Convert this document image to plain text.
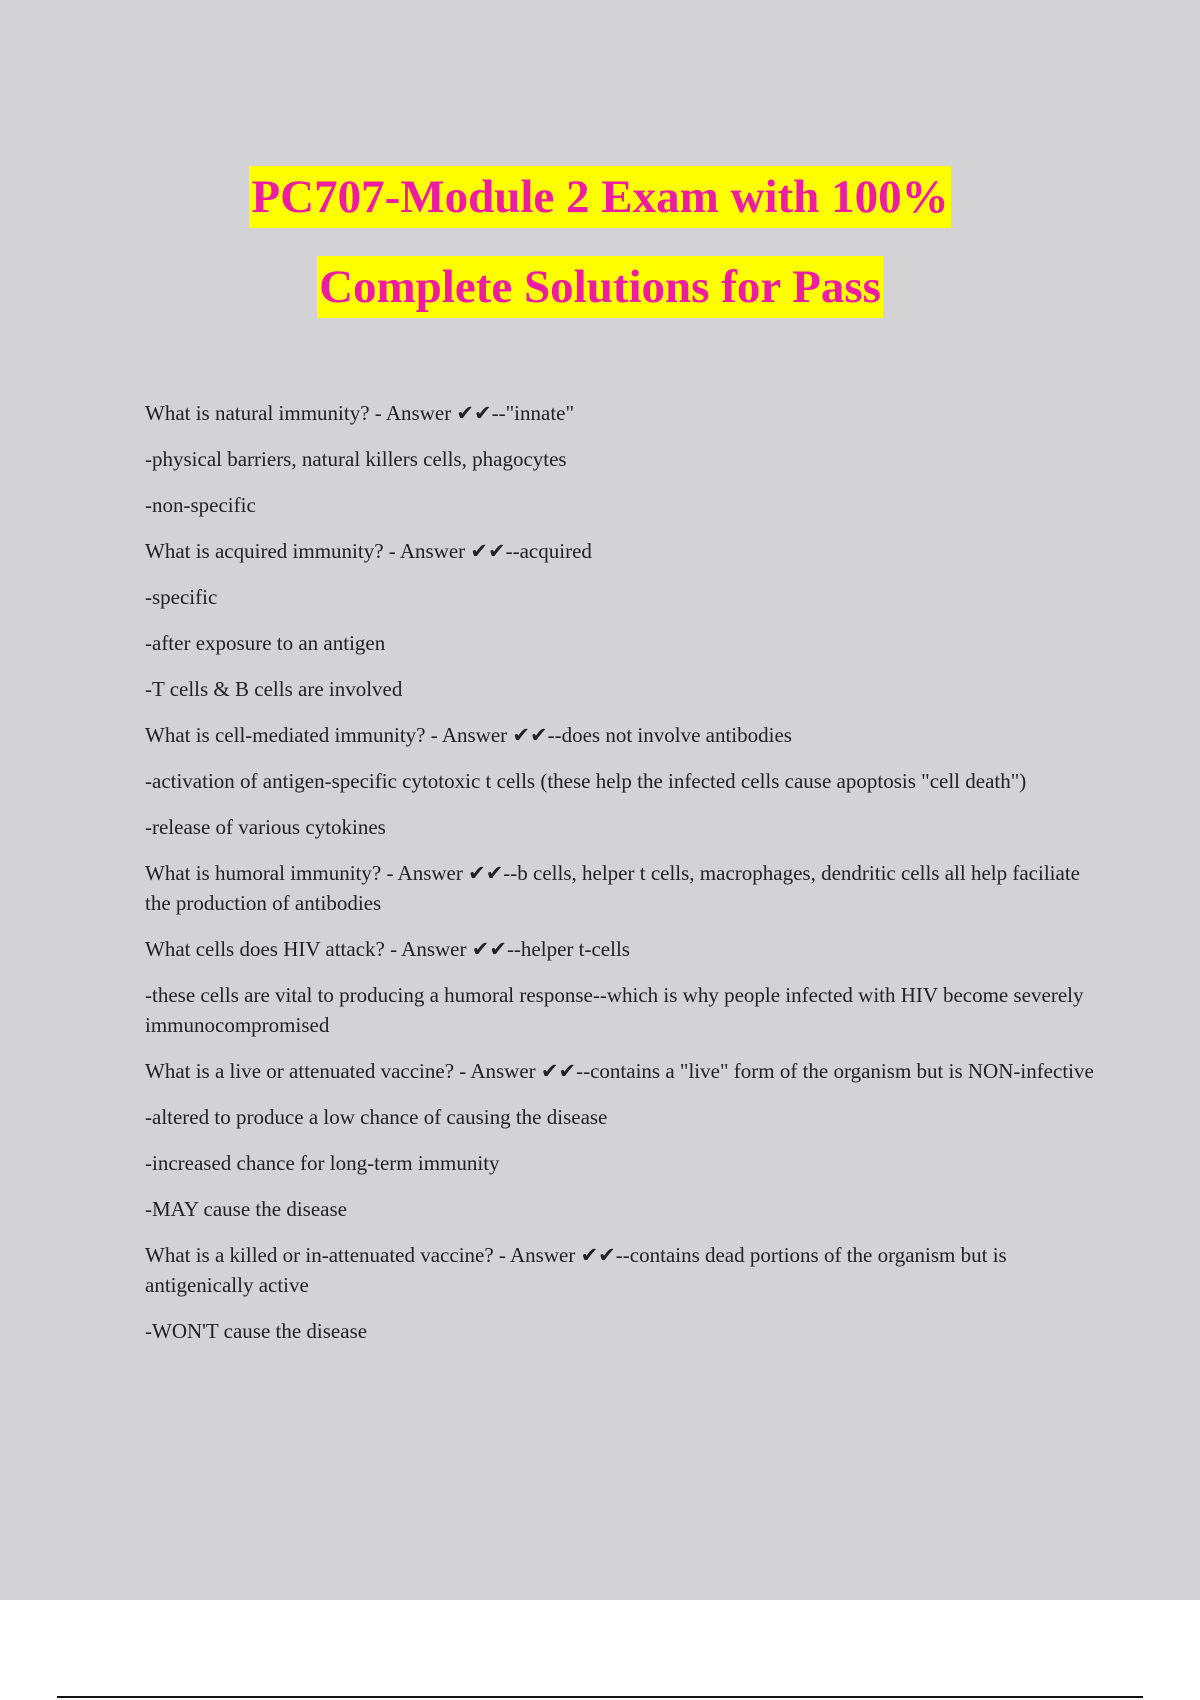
PC707-Module 2 Exam with 100%
Complete Solutions for Pass

What is natural immunity? - Answer ✔✔--"innate"

-physical barriers, natural killers cells, phagocytes

-non-specific

What is acquired immunity? - Answer ✔✔--acquired

-specific

-after exposure to an antigen

-T cells & B cells are involved

What is cell-mediated immunity? - Answer ✔✔--does not involve antibodies

-activation of antigen-specific cytotoxic t cells (these help the infected cells cause apoptosis "cell death")

-release of various cytokines

What is humoral immunity? - Answer ✔✔--b cells, helper t cells, macrophages, dendritic cells all help faciliate the production of antibodies

What cells does HIV attack? - Answer ✔✔--helper t-cells

-these cells are vital to producing a humoral response--which is why people infected with HIV become severely immunocompromised

What is a live or attenuated vaccine? - Answer ✔✔--contains a "live" form of the organism but is NON-infective

-altered to produce a low chance of causing the disease

-increased chance for long-term immunity

-MAY cause the disease

What is a killed or in-attenuated vaccine? - Answer ✔✔--contains dead portions of the organism but is antigenically active

-WON'T cause the disease
